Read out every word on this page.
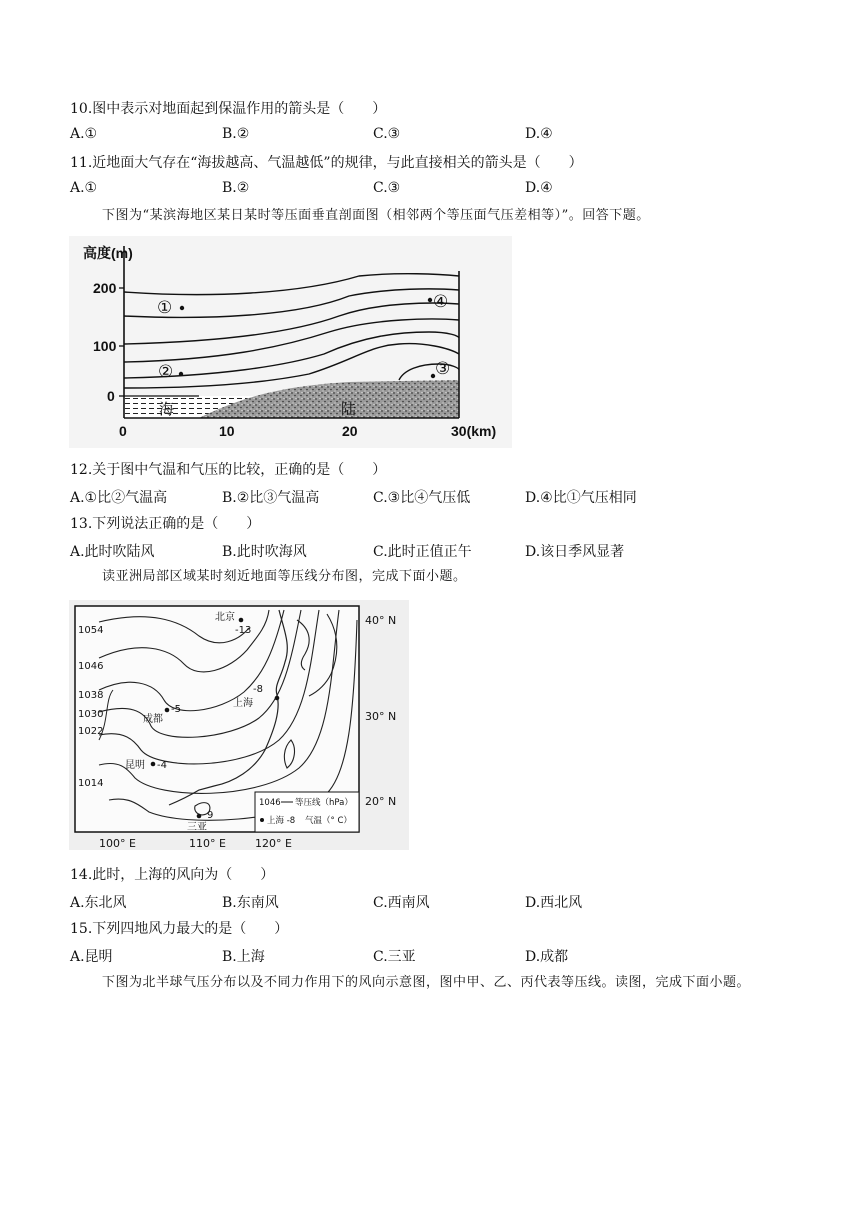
10.图中表示对地面起到保温作用的箭头是（　　）
A.①	B.②	C.③	D.④
11.近地面大气存在“海拔越高、气温越低”的规律，与此直接相关的箭头是（　　）
A.①	B.②	C.③	D.④
下图为“某滨海地区某日某时等压面垂直剖面图（相邻两个等压面气压差相等）”。回答下题。
①
②	③
④
高度(m)
200
100
0
0	10	20	30(km)
海	陆
12.关于图中气温和气压的比较，正确的是（　　）
A.①比②气温高	B.②比③气温高	C.③比④气压低	D.④比①气压相同
13.下列说法正确的是（　　）
A.此时吹陆风	B.此时吹海风	C.此时正值正午	D.该日季风显著
读亚洲局部区域某时刻近地面等压线分布图，完成下面小题。
北京
-13
上海
-8
成都
-5
昆明 -4
三亚
9
1054
1046
1038
1030
1022
1014
1046 等压线（hPa）
上海 -8 气温（° C）
40° N
30° N
20° N
100° E	110° E	120° E
14.此时，上海的风向为（　　）
A.东北风	B.东南风	C.西南风	D.西北风
15.下列四地风力最大的是（　　）
A.昆明	B.上海	C.三亚	D.成都
下图为北半球气压分布以及不同力作用下的风向示意图，图中甲、乙、丙代表等压线。读图，完成下面小题。
